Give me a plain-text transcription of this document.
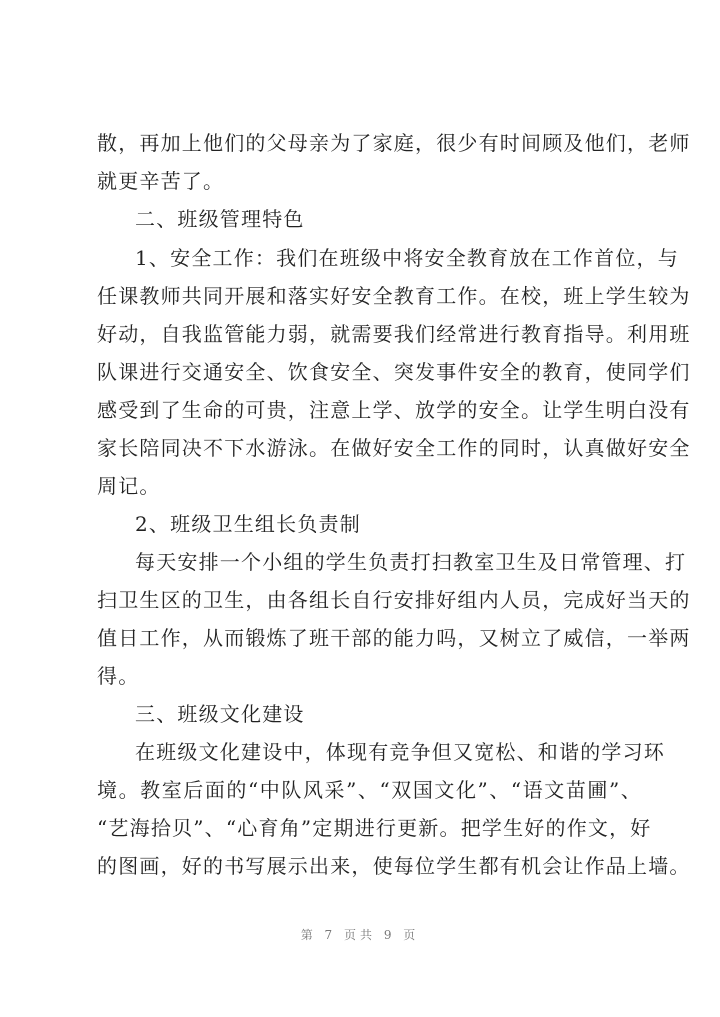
散，再加上他们的父母亲为了家庭，很少有时间顾及他们，老师
就更辛苦了。
二、班级管理特色
1、安全工作：我们在班级中将安全教育放在工作首位，与
任课教师共同开展和落实好安全教育工作。在校，班上学生较为
好动，自我监管能力弱，就需要我们经常进行教育指导。利用班
队课进行交通安全、饮食安全、突发事件安全的教育，使同学们
感受到了生命的可贵，注意上学、放学的安全。让学生明白没有
家长陪同决不下水游泳。在做好安全工作的同时，认真做好安全
周记。
2、班级卫生组长负责制
每天安排一个小组的学生负责打扫教室卫生及日常管理、打
扫卫生区的卫生，由各组长自行安排好组内人员，完成好当天的
值日工作，从而锻炼了班干部的能力吗，又树立了威信，一举两
得。
三、班级文化建设
在班级文化建设中，体现有竞争但又宽松、和谐的学习环
境。教室后面的“中队风采”、“双国文化”、“语文苗圃”、
“艺海拾贝”、“心育角”定期进行更新。把学生好的作文，好
的图画，好的书写展示出来，使每位学生都有机会让作品上墙。
第 7 页共 9 页
